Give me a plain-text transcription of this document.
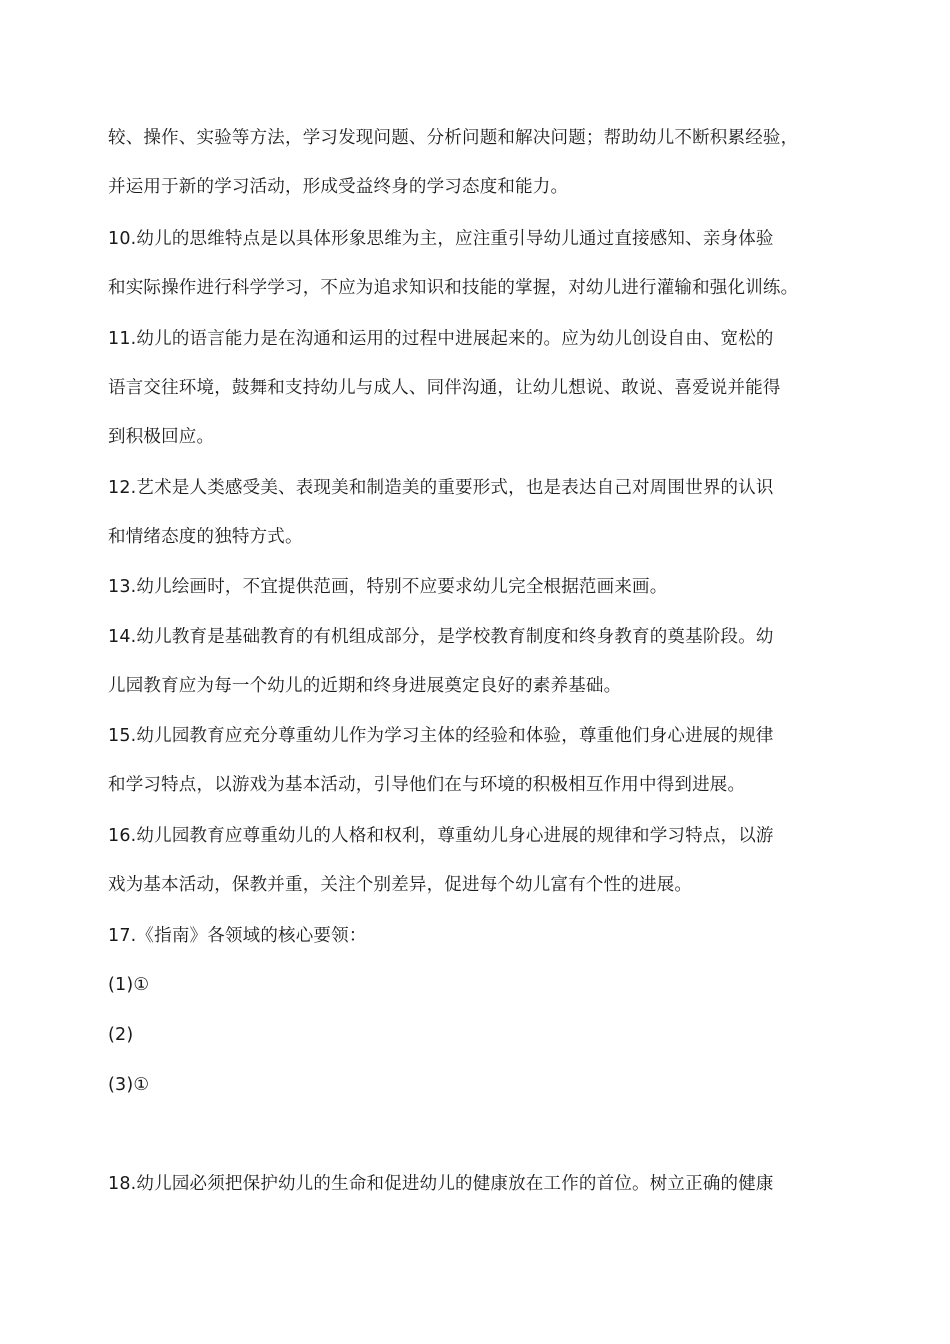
较、操作、实验等方法，学习发现问题、分析问题和解决问题；帮助幼儿不断积累经验，
并运用于新的学习活动，形成受益终身的学习态度和能力。
10.幼儿的思维特点是以具体形象思维为主，应注重引导幼儿通过直接感知、亲身体验
和实际操作进行科学学习，不应为追求知识和技能的掌握，对幼儿进行灌输和强化训练。
11.幼儿的语言能力是在沟通和运用的过程中进展起来的。应为幼儿创设自由、宽松的
语言交往环境，鼓舞和支持幼儿与成人、同伴沟通，让幼儿想说、敢说、喜爱说并能得
到积极回应。
12.艺术是人类感受美、表现美和制造美的重要形式，也是表达自己对周围世界的认识
和情绪态度的独特方式。
13.幼儿绘画时，不宜提供范画，特别不应要求幼儿完全根据范画来画。
14.幼儿教育是基础教育的有机组成部分，是学校教育制度和终身教育的奠基阶段。幼
儿园教育应为每一个幼儿的近期和终身进展奠定良好的素养基础。
15.幼儿园教育应充分尊重幼儿作为学习主体的经验和体验，尊重他们身心进展的规律
和学习特点，以游戏为基本活动，引导他们在与环境的积极相互作用中得到进展。
16.幼儿园教育应尊重幼儿的人格和权利，尊重幼儿身心进展的规律和学习特点，以游
戏为基本活动，保教并重，关注个别差异，促进每个幼儿富有个性的进展。
17.《指南》各领域的核心要领：
(1)①
(2)
(3)①
18.幼儿园必须把保护幼儿的生命和促进幼儿的健康放在工作的首位。树立正确的健康
